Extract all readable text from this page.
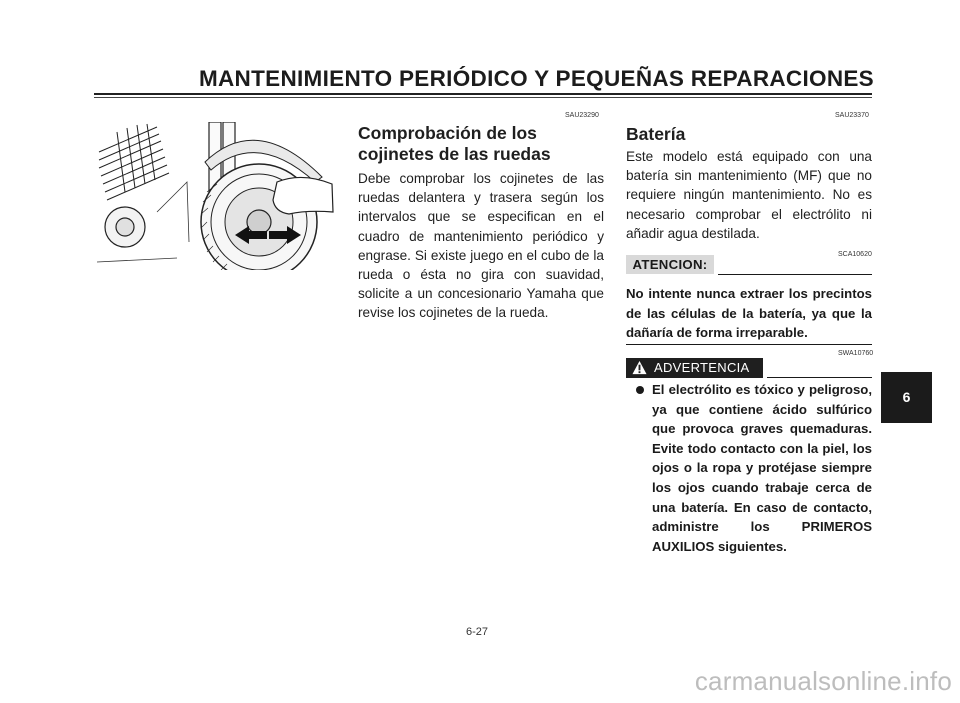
MANTENIMIENTO PERIÓDICO Y PEQUEÑAS REPARACIONES
SAU23290
Comprobación de los
cojinetes de las ruedas
Debe comprobar los cojinetes de las ruedas delantera y trasera según los intervalos que se especifican en el cuadro de mantenimiento periódico y engrase. Si existe juego en el cubo de la rueda o ésta no gira con suavidad, solicite a un concesionario Yamaha que revise los cojinetes de la rueda.
SAU23370
Batería
Este modelo está equipado con una batería sin mantenimiento (MF) que no requiere ningún mantenimiento. No es necesario comprobar el electrólito ni añadir agua destilada.
SCA10620
ATENCION:
No intente nunca extraer los precintos de las células de la batería, ya que la dañaría de forma irreparable.
SWA10760
ADVERTENCIA
El electrólito es tóxico y peligroso, ya que contiene ácido sulfúrico que provoca graves quemaduras. Evite todo contacto con la piel, los ojos o la ropa y protéjase siempre los ojos cuando trabaje cerca de una batería. En caso de contacto, administre los PRIMEROS AUXILIOS siguientes.
6-27
6
carmanualsonline.info
